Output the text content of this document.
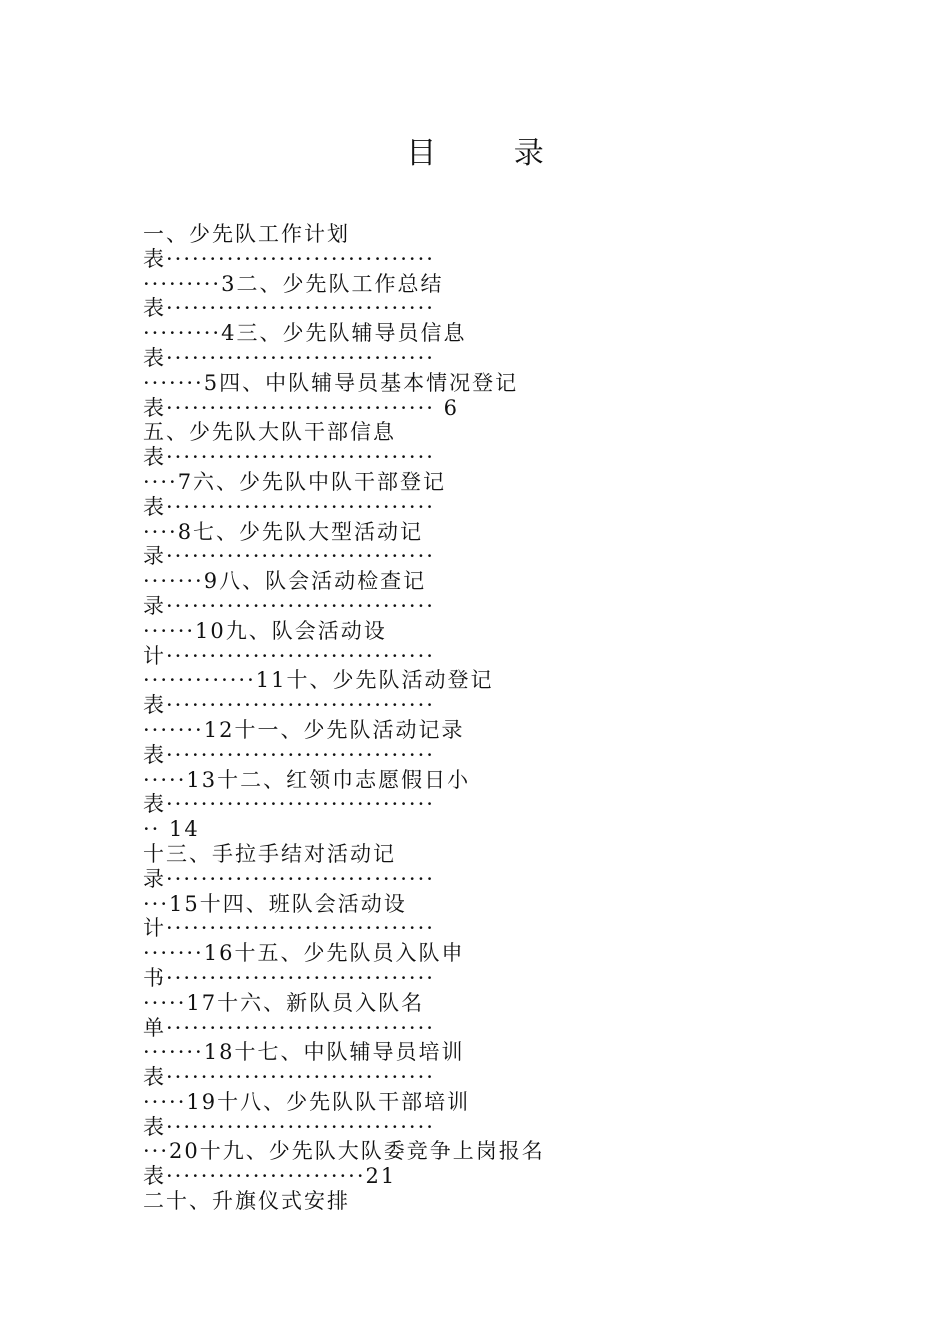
目 录
一、少先队工作计划
表·······························
·········3二、少先队工作总结
表·······························
·········4三、少先队辅导员信息
表·······························
·······5四、中队辅导员基本情况登记
表······························· 6
五、少先队大队干部信息
表·······························
····7六、少先队中队干部登记
表·······························
····8七、少先队大型活动记
录·······························
·······9八、队会活动检查记
录·······························
······10九、队会活动设
计·······························
·············11十、少先队活动登记
表·······························
·······12十一、少先队活动记录
表·······························
·····13十二、红领巾志愿假日小
表·······························
·· 14
十三、手拉手结对活动记
录·······························
···15十四、班队会活动设
计·······························
·······16十五、少先队员入队申
书·······························
·····17十六、新队员入队名
单·······························
·······18十七、中队辅导员培训
表·······························
·····19十八、少先队队干部培训
表·······························
···20十九、少先队大队委竞争上岗报名
表·······················21
二十、升旗仪式安排
